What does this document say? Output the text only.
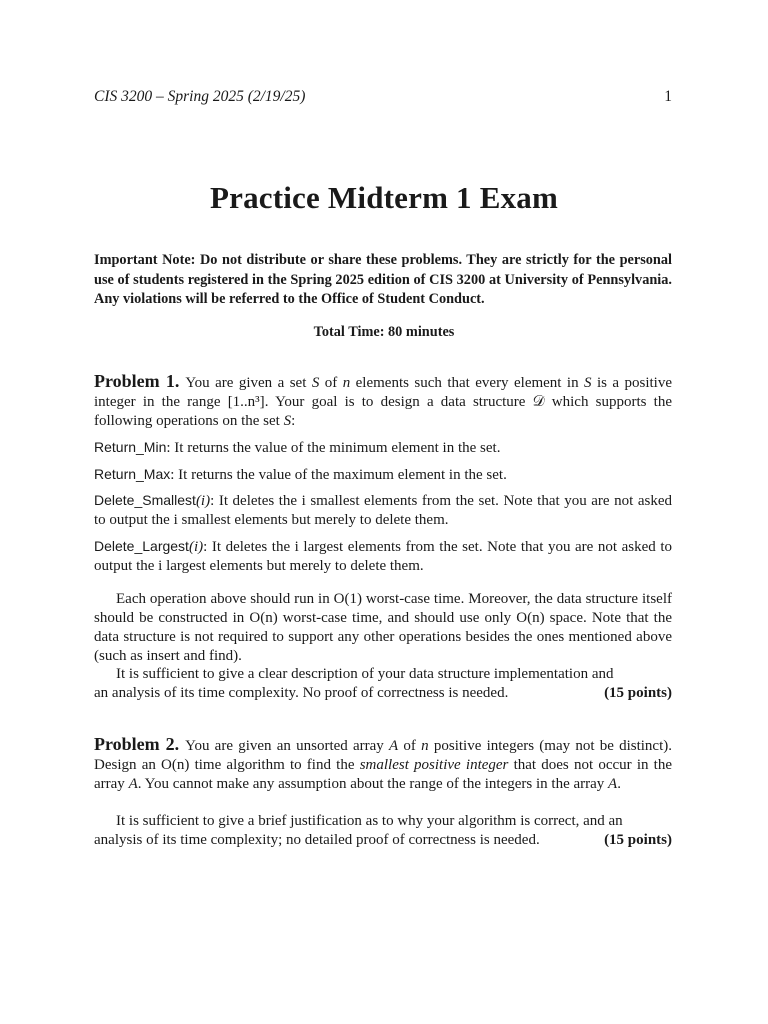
CIS 3200 – Spring 2025 (2/19/25)	1
Practice Midterm 1 Exam
Important Note: Do not distribute or share these problems. They are strictly for the personal use of students registered in the Spring 2025 edition of CIS 3200 at University of Pennsylvania. Any violations will be referred to the Office of Student Conduct.
Total Time: 80 minutes
Problem 1. You are given a set S of n elements such that every element in S is a positive integer in the range [1..n³]. Your goal is to design a data structure 𝒟 which supports the following operations on the set S:
Return_Min: It returns the value of the minimum element in the set.
Return_Max: It returns the value of the maximum element in the set.
Delete_Smallest(i): It deletes the i smallest elements from the set. Note that you are not asked to output the i smallest elements but merely to delete them.
Delete_Largest(i): It deletes the i largest elements from the set. Note that you are not asked to output the i largest elements but merely to delete them.
Each operation above should run in O(1) worst-case time. Moreover, the data structure itself should be constructed in O(n) worst-case time, and should use only O(n) space. Note that the data structure is not required to support any other operations besides the ones mentioned above (such as insert and find).
It is sufficient to give a clear description of your data structure implementation and
an analysis of its time complexity. No proof of correctness is needed.	(15 points)
Problem 2. You are given an unsorted array A of n positive integers (may not be distinct). Design an O(n) time algorithm to find the smallest positive integer that does not occur in the array A. You cannot make any assumption about the range of the integers in the array A.
It is sufficient to give a brief justification as to why your algorithm is correct, and an
analysis of its time complexity; no detailed proof of correctness is needed.	(15 points)
